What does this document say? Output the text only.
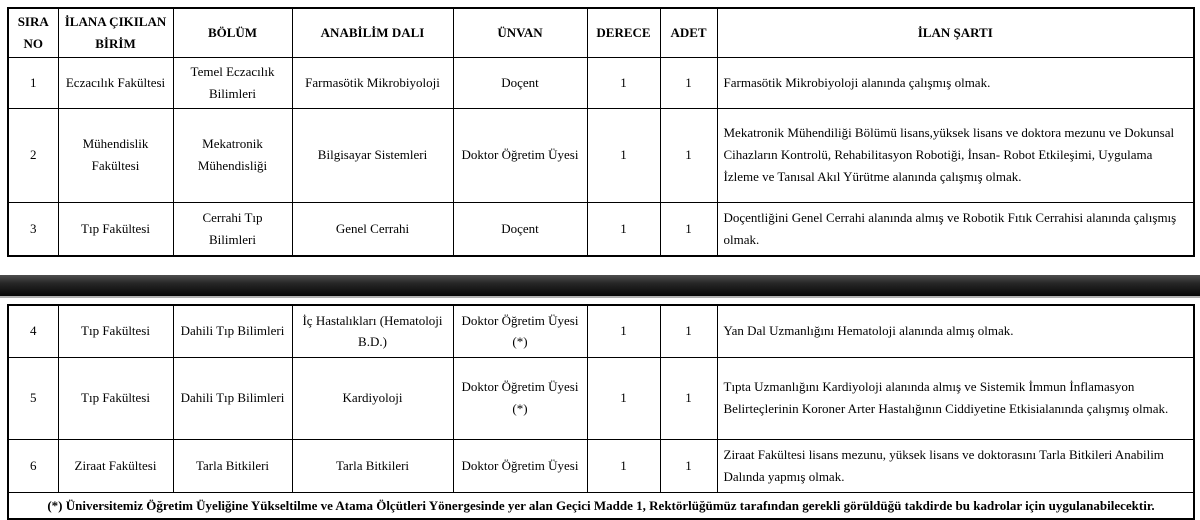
SIRA NO	İLANA ÇIKILAN BİRİM	BÖLÜM	ANABİLİM DALI	ÜNVAN	DERECE	ADET	İLAN ŞARTI
1	Eczacılık Fakültesi	Temel Eczacılık Bilimleri	Farmasötik Mikrobiyoloji	Doçent	1	1	Farmasötik Mikrobiyoloji alanında çalışmış olmak.
2	Mühendislik Fakültesi	Mekatronik Mühendisliği	Bilgisayar Sistemleri	Doktor Öğretim Üyesi	1	1	Mekatronik Mühendiliği Bölümü lisans,yüksek lisans ve doktora mezunu ve Dokunsal Cihazların Kontrolü, Rehabilitasyon Robotiği, İnsan- Robot Etkileşimi, Uygulama İzleme ve Tanısal Akıl Yürütme alanında çalışmış olmak.
3	Tıp Fakültesi	Cerrahi Tıp Bilimleri	Genel Cerrahi	Doçent	1	1	Doçentliğini Genel Cerrahi alanında almış ve Robotik Fıtık Cerrahisi alanında çalışmış olmak.
4	Tıp Fakültesi	Dahili Tıp Bilimleri	İç Hastalıkları (Hematoloji B.D.)	Doktor Öğretim Üyesi (*)	1	1	Yan Dal Uzmanlığını Hematoloji alanında almış olmak.
5	Tıp Fakültesi	Dahili Tıp Bilimleri	Kardiyoloji	Doktor Öğretim Üyesi (*)	1	1	Tıpta Uzmanlığını Kardiyoloji alanında almış ve Sistemik İmmun İnflamasyon Belirteçlerinin Koroner Arter Hastalığının Ciddiyetine Etkisialanında çalışmış olmak.
6	Ziraat Fakültesi	Tarla Bitkileri	Tarla Bitkileri	Doktor Öğretim Üyesi	1	1	Ziraat Fakültesi lisans mezunu, yüksek lisans ve doktorasını Tarla Bitkileri Anabilim Dalında yapmış olmak.
(*) Üniversitemiz Öğretim Üyeliğine Yükseltilme ve Atama Ölçütleri Yönergesinde yer alan Geçici Madde 1, Rektörlüğümüz tarafından gerekli görüldüğü takdirde bu kadrolar için uygulanabilecektir.							
